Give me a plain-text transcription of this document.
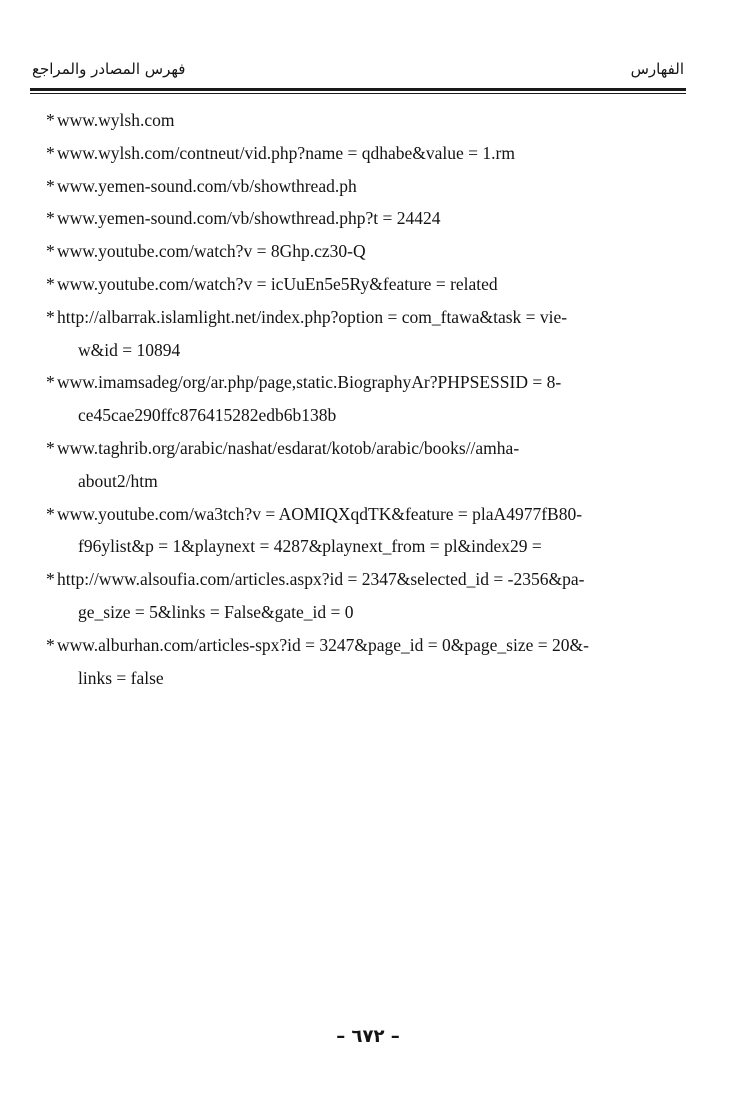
فهرس المصادر والمراجع	الفهارس
* www.wylsh.com
* www.wylsh.com/contneut/vid.php?name = qdhabe&value = 1.rm
* www.yemen-sound.com/vb/showthread.ph
* www.yemen-sound.com/vb/showthread.php?t = 24424
* www.youtube.com/watch?v = 8Ghp.cz30-Q
* www.youtube.com/watch?v = icUuEn5e5Ry&feature = related
* http://albarrak.islamlight.net/index.php?option = com_ftawa&task = vie-
w&id = 10894
* www.imamsadeg/org/ar.php/page,static.BiographyAr?PHPSESSID = 8-
ce45cae290ffc876415282edb6b138b
* www.taghrib.org/arabic/nashat/esdarat/kotob/arabic/books//amha-
about2/htm
* www.youtube.com/wa3tch?v = AOMIQXqdTK&feature = plaA4977fB80-
f96ylist&p = 1&playnext = 4287&playnext_from = pl&index29 =
* http://www.alsoufia.com/articles.aspx?id = 2347&selected_id = -2356&pa-
ge_size = 5&links = False&gate_id = 0
* www.alburhan.com/articles-spx?id = 3247&page_id = 0&page_size = 20&-
links = false
– ٦٧٢ –
